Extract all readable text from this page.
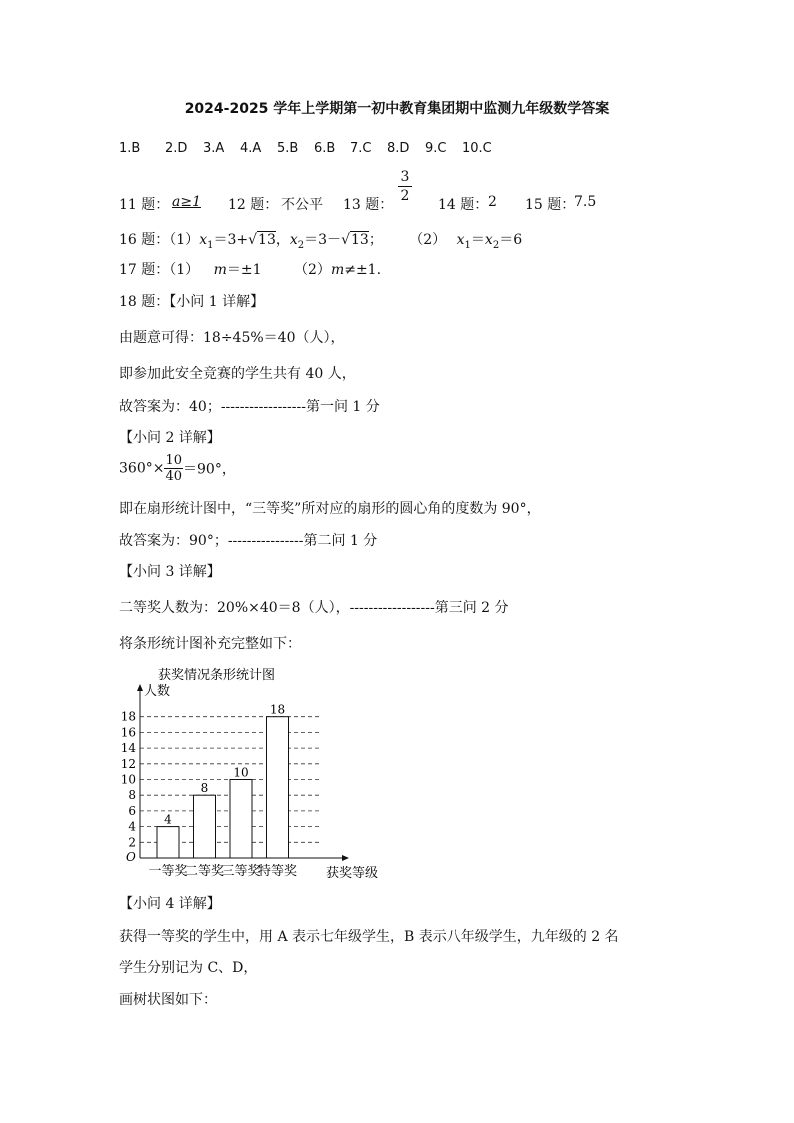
2024-2025 学年上学期第一初中教育集团期中监测九年级数学答案
1.B 2.D 3.A 4.A 5.B 6.B 7.C 8.D 9.C 10.C
11 题： a≥1 12 题： 不公平 13 题： $\frac{3}{2} 14$ 题： 2 15 题：
7.5
16 题：$(1)x_1=3+√13$，$x_2=3-√13$； （2） $x_1=x_2=6$
17 题：（1） m＝±1 （2）m≠±1.
18 题：【小问 1 详解】
由题意可得：18÷45%＝40（人），
即参加此安全竞赛的学生共有 40 人，
故答案为：40；------------------第一问 1 分
【小问 2 详解】
$360^\circ\times \frac{10}{40} =90^\circ$，
即在扇形统计图中，“三等奖”所对应的扇形的圆心角的度数为 90°，
故答案为：90°；----------------第二问 1 分
【小问 3 详解】
二等奖人数为：20%×40＝8（人），------------------第三问 2 分
将条形统计图补充完整如下：
获奖情况条形统计图
人数
获奖等级
O
2
4
6
8
10
12
14
16
18
4
一等奖
8
二等奖
10
三等奖
18
特等奖
【小问 4 详解】
获得一等奖的学生中，用 A 表示七年级学生，B 表示八年级学生，九年级的 2 名
学生分别记为 C、D，
画树状图如下：
